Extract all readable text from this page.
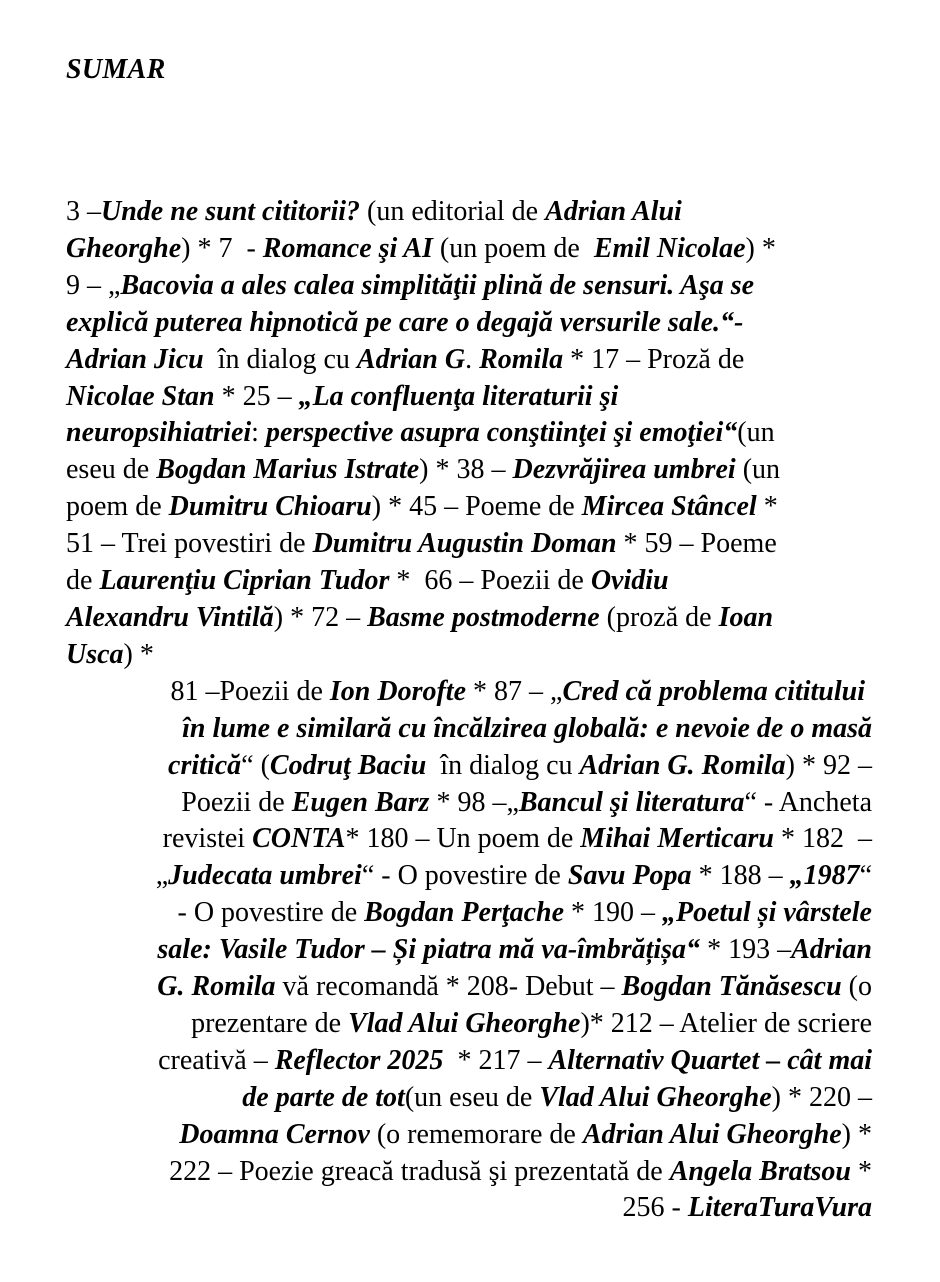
SUMAR
3 –Unde ne sunt cititorii? (un editorial de Adrian Alui
Gheorghe) * 7  - Romance şi AI (un poem de  Emil Nicolae) *
9 – „Bacovia a ales calea simplităţii plină de sensuri. Aşa se
explică puterea hipnotică pe care o degajă versurile sale.“-
Adrian Jicu  în dialog cu Adrian G. Romila * 17 – Proză de
Nicolae Stan * 25 – „La confluenţa literaturii şi
neuropsihiatriei: perspective asupra conştiinţei şi emoţiei“(un
eseu de Bogdan Marius Istrate) * 38 – Dezvrăjirea umbrei (un
poem de Dumitru Chioaru) * 45 – Poeme de Mircea Stâncel *
51 – Trei povestiri de Dumitru Augustin Doman * 59 – Poeme
de Laurenţiu Ciprian Tudor *  66 – Poezii de Ovidiu
Alexandru Vintilă) * 72 – Basme postmoderne (proză de Ioan
Usca) *
81 –Poezii de Ion Dorofte * 87 – „Cred că problema cititului
în lume e similară cu încălzirea globală: e nevoie de o masă
critică“ (Codruţ Baciu  în dialog cu Adrian G. Romila) * 92 –
Poezii de Eugen Barz * 98 –„Bancul şi literatura“ - Ancheta
revistei CONTA* 180 – Un poem de Mihai Merticaru * 182  –
„Judecata umbrei“ - O povestire de Savu Popa * 188 – „1987“
- O povestire de Bogdan Perţache * 190 – „Poetul și vârstele
sale: Vasile Tudor – Și piatra mă va-îmbrățișa“ * 193 –Adrian
G. Romila vă recomandă * 208- Debut – Bogdan Tănăsescu (o
prezentare de Vlad Alui Gheorghe)* 212 – Atelier de scriere
creativă – Reflector 2025  * 217 – Alternativ Quartet – cât mai
de parte de tot(un eseu de Vlad Alui Gheorghe) * 220 –
Doamna Cernov (o rememorare de Adrian Alui Gheorghe) *
222 – Poezie greacă tradusă şi prezentată de Angela Bratsou *
256 - LiteraTuraVura
